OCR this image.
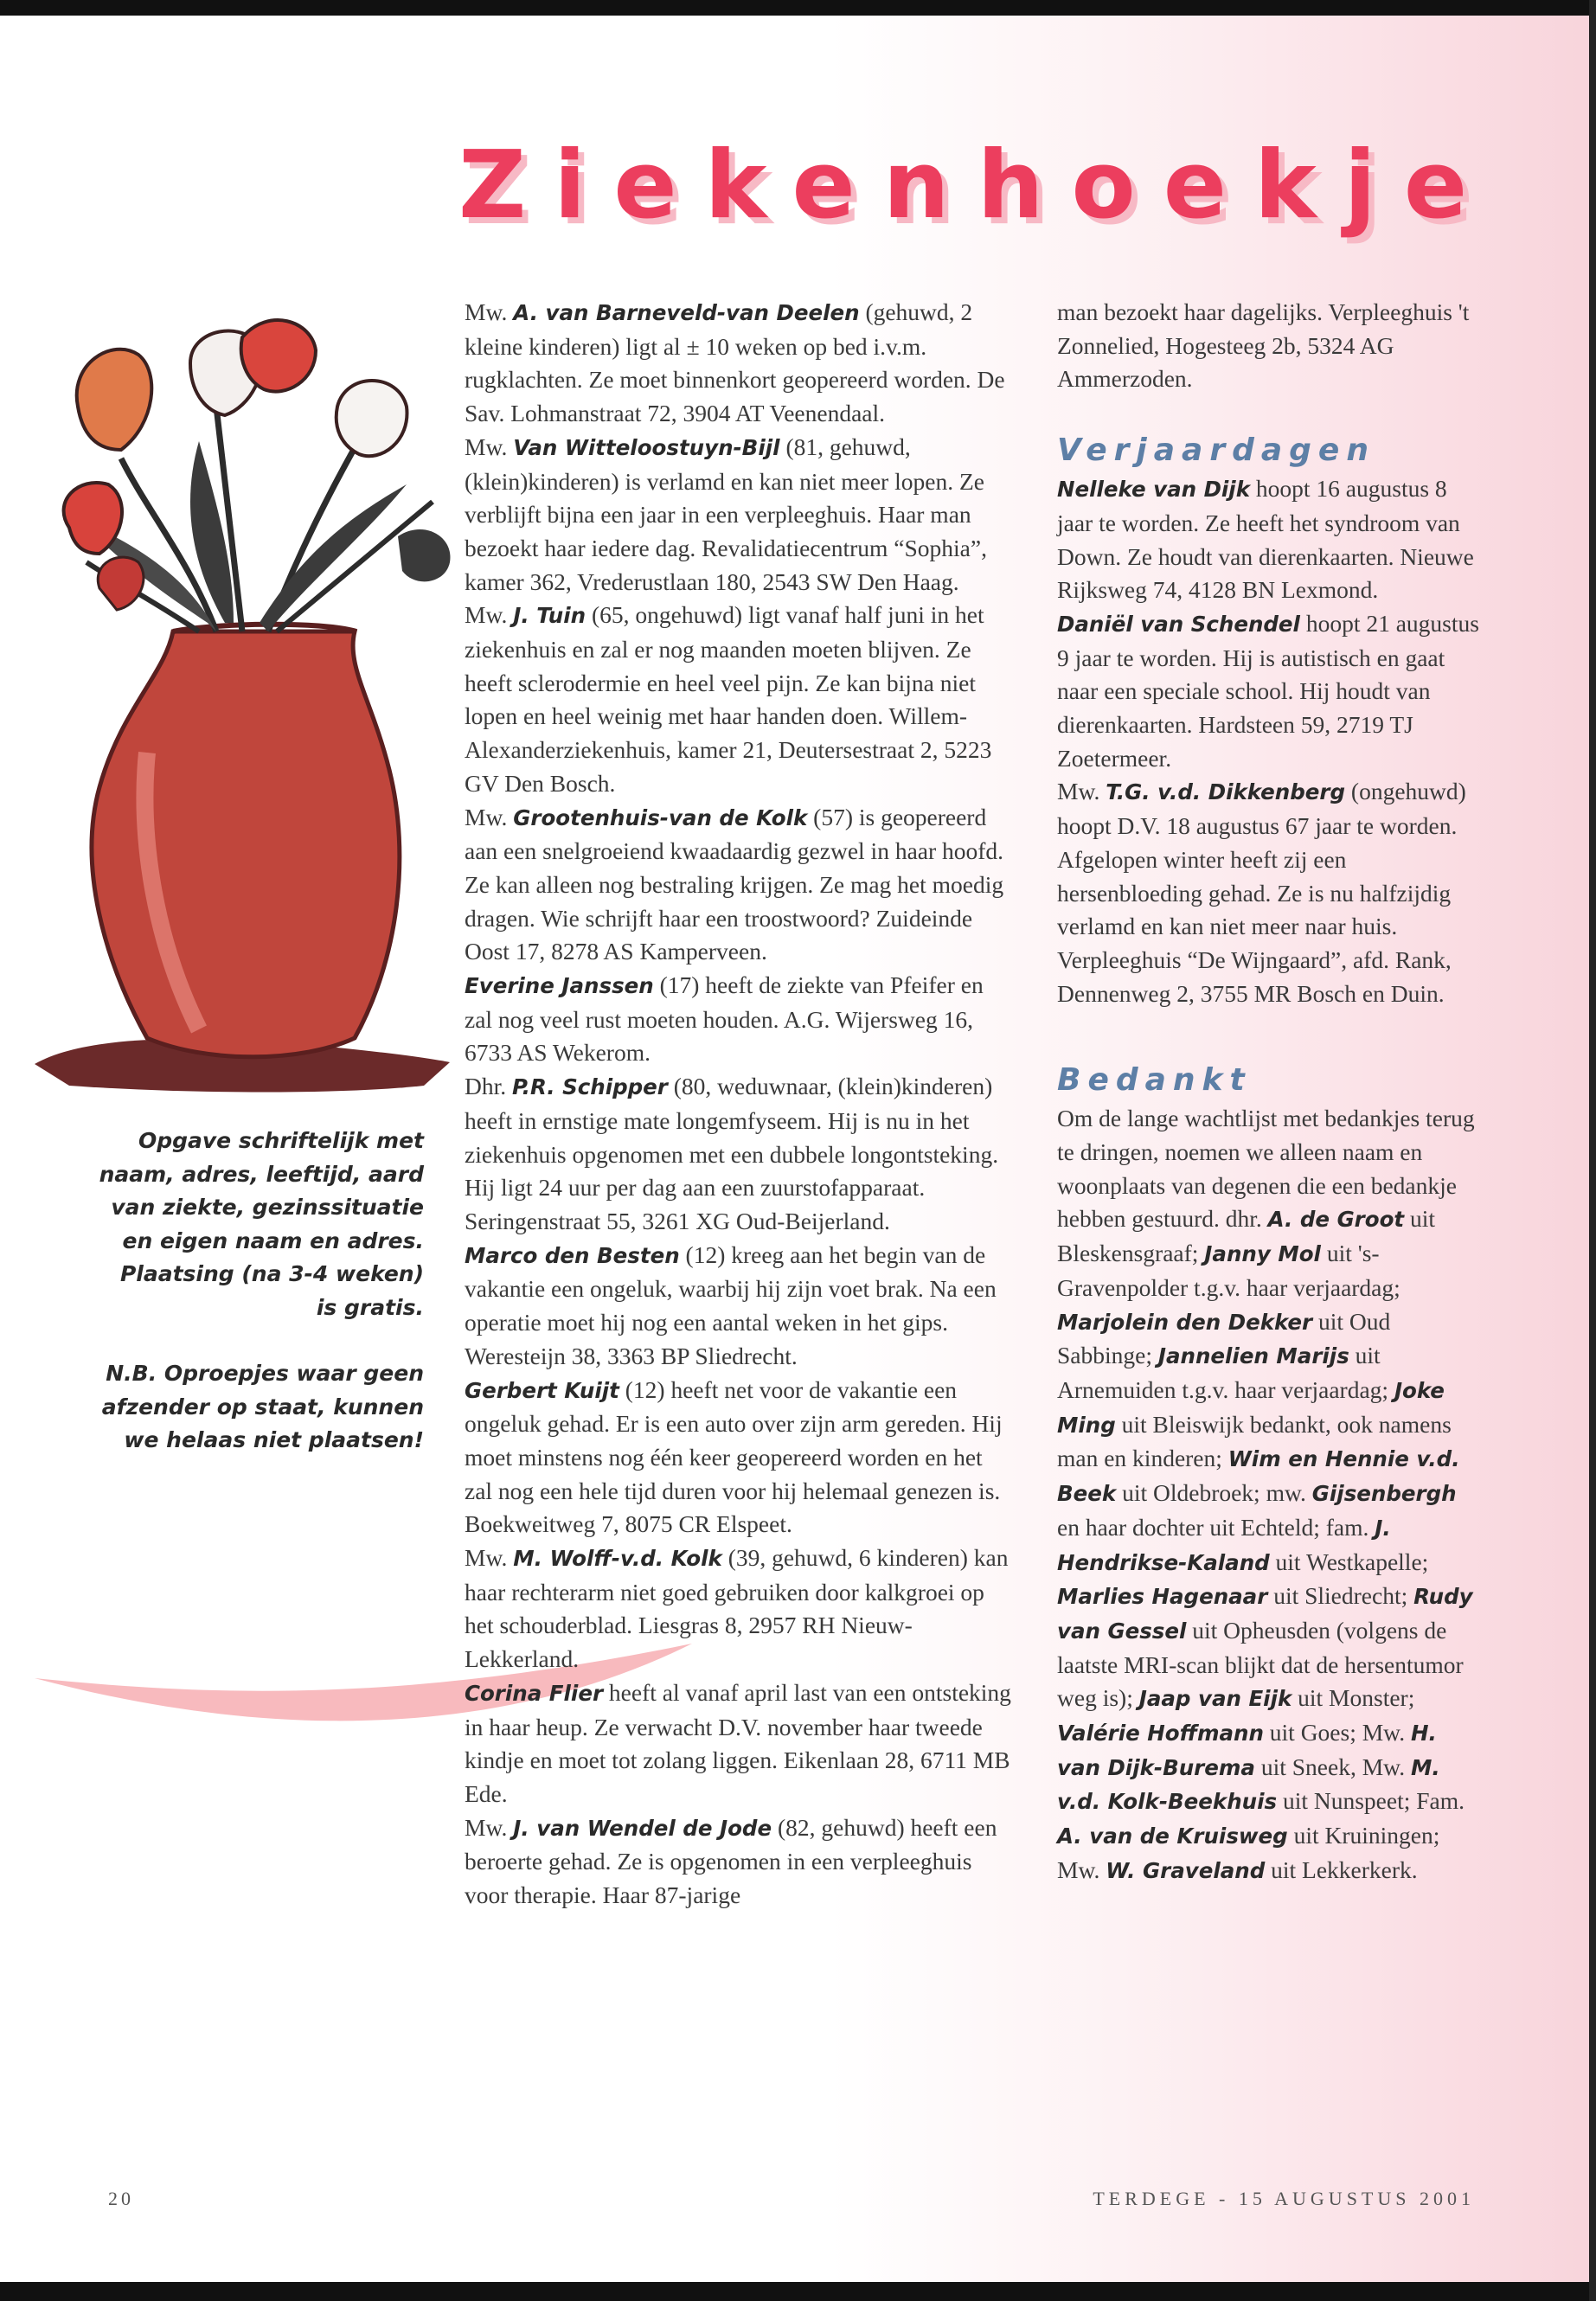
Ziekenhoekje

Mw. A. van Barneveld-van Deelen (gehuwd, 2 kleine kinderen) ligt al ± 10 weken op bed i.v.m. rugklachten. Ze moet binnenkort geopereerd worden. De Sav. Lohmanstraat 72, 3904 AT Veenendaal.

Mw. Van Witteloostuyn-Bijl (81, gehuwd, (klein)kinderen) is verlamd en kan niet meer lopen. Ze verblijft bijna een jaar in een verpleeghuis. Haar man bezoekt haar iedere dag. Revalidatiecentrum “Sophia”, kamer 362, Vrederustlaan 180, 2543 SW Den Haag.

Mw. J. Tuin (65, ongehuwd) ligt vanaf half juni in het ziekenhuis en zal er nog maanden moeten blijven. Ze heeft sclerodermie en heel veel pijn. Ze kan bijna niet lopen en heel weinig met haar handen doen. Willem-Alexanderziekenhuis, kamer 21, Deutersestraat 2, 5223 GV Den Bosch.

Mw. Grootenhuis-van de Kolk (57) is geopereerd aan een snelgroeiend kwaadaardig gezwel in haar hoofd. Ze kan alleen nog bestraling krijgen. Ze mag het moedig dragen. Wie schrijft haar een troostwoord? Zuideinde Oost 17, 8278 AS Kamperveen.

Everine Janssen (17) heeft de ziekte van Pfeifer en zal nog veel rust moeten houden. A.G. Wijersweg 16, 6733 AS Wekerom.

Dhr. P.R. Schipper (80, weduwnaar, (klein)kinderen) heeft in ernstige mate longemfyseem. Hij is nu in het ziekenhuis opgenomen met een dubbele longontsteking. Hij ligt 24 uur per dag aan een zuurstofapparaat. Seringenstraat 55, 3261 XG Oud-Beijerland.

Marco den Besten (12) kreeg aan het begin van de vakantie een ongeluk, waarbij hij zijn voet brak. Na een operatie moet hij nog een aantal weken in het gips. Weresteijn 38, 3363 BP Sliedrecht.

Gerbert Kuijt (12) heeft net voor de vakantie een ongeluk gehad. Er is een auto over zijn arm gereden. Hij moet minstens nog één keer geopereerd worden en het zal nog een hele tijd duren voor hij helemaal genezen is. Boekweitweg 7, 8075 CR Elspeet.

Mw. M. Wolff-v.d. Kolk (39, gehuwd, 6 kinderen) kan haar rechterarm niet goed gebruiken door kalkgroei op het schouderblad. Liesgras 8, 2957 RH Nieuw-Lekkerland.

Corina Flier heeft al vanaf april last van een ontsteking in haar heup. Ze verwacht D.V. november haar tweede kindje en moet tot zolang liggen. Eikenlaan 28, 6711 MB Ede.

Mw. J. van Wendel de Jode (82, gehuwd) heeft een beroerte gehad. Ze is opgenomen in een verpleeghuis voor therapie. Haar 87-jarige

man bezoekt haar dagelijks. Verpleeghuis 't Zonnelied, Hogesteeg 2b, 5324 AG Ammerzoden.

Verjaardagen

Nelleke van Dijk hoopt 16 augustus 8 jaar te worden. Ze heeft het syndroom van Down. Ze houdt van dierenkaarten. Nieuwe Rijksweg 74, 4128 BN Lexmond.

Daniël van Schendel hoopt 21 augustus 9 jaar te worden. Hij is autistisch en gaat naar een speciale school. Hij houdt van dierenkaarten. Hardsteen 59, 2719 TJ Zoetermeer.

Mw. T.G. v.d. Dikkenberg (ongehuwd) hoopt D.V. 18 augustus 67 jaar te worden. Afgelopen winter heeft zij een hersenbloeding gehad. Ze is nu halfzijdig verlamd en kan niet meer naar huis. Verpleeghuis “De Wijngaard”, afd. Rank, Dennenweg 2, 3755 MR Bosch en Duin.

Bedankt

Om de lange wachtlijst met bedankjes terug te dringen, noemen we alleen naam en woonplaats van degenen die een bedankje hebben gestuurd. dhr. A. de Groot uit Bleskensgraaf; Janny Mol uit 's-Gravenpolder t.g.v. haar verjaardag; Marjolein den Dekker uit Oud Sabbinge; Jannelien Marijs uit Arnemuiden t.g.v. haar verjaardag; Joke Ming uit Bleiswijk bedankt, ook namens man en kinderen; Wim en Hennie v.d. Beek uit Oldebroek; mw. Gijsenbergh en haar dochter uit Echteld; fam. J. Hendrikse-Kaland uit Westkapelle; Marlies Hagenaar uit Sliedrecht; Rudy van Gessel uit Opheusden (volgens de laatste MRI-scan blijkt dat de hersentumor weg is); Jaap van Eijk uit Monster; Valérie Hoffmann uit Goes; Mw. H. van Dijk-Burema uit Sneek, Mw. M. v.d. Kolk-Beekhuis uit Nunspeet; Fam. A. van de Kruisweg uit Kruiningen; Mw. W. Graveland uit Lekkerkerk.

Opgave schriftelijk met naam, adres, leeftijd, aard van ziekte, gezinssituatie en eigen naam en adres. Plaatsing (na 3-4 weken) is gratis.

N.B. Oproepjes waar geen afzender op staat, kunnen we helaas niet plaatsen!

20	TERDEGE - 15 AUGUSTUS 2001
